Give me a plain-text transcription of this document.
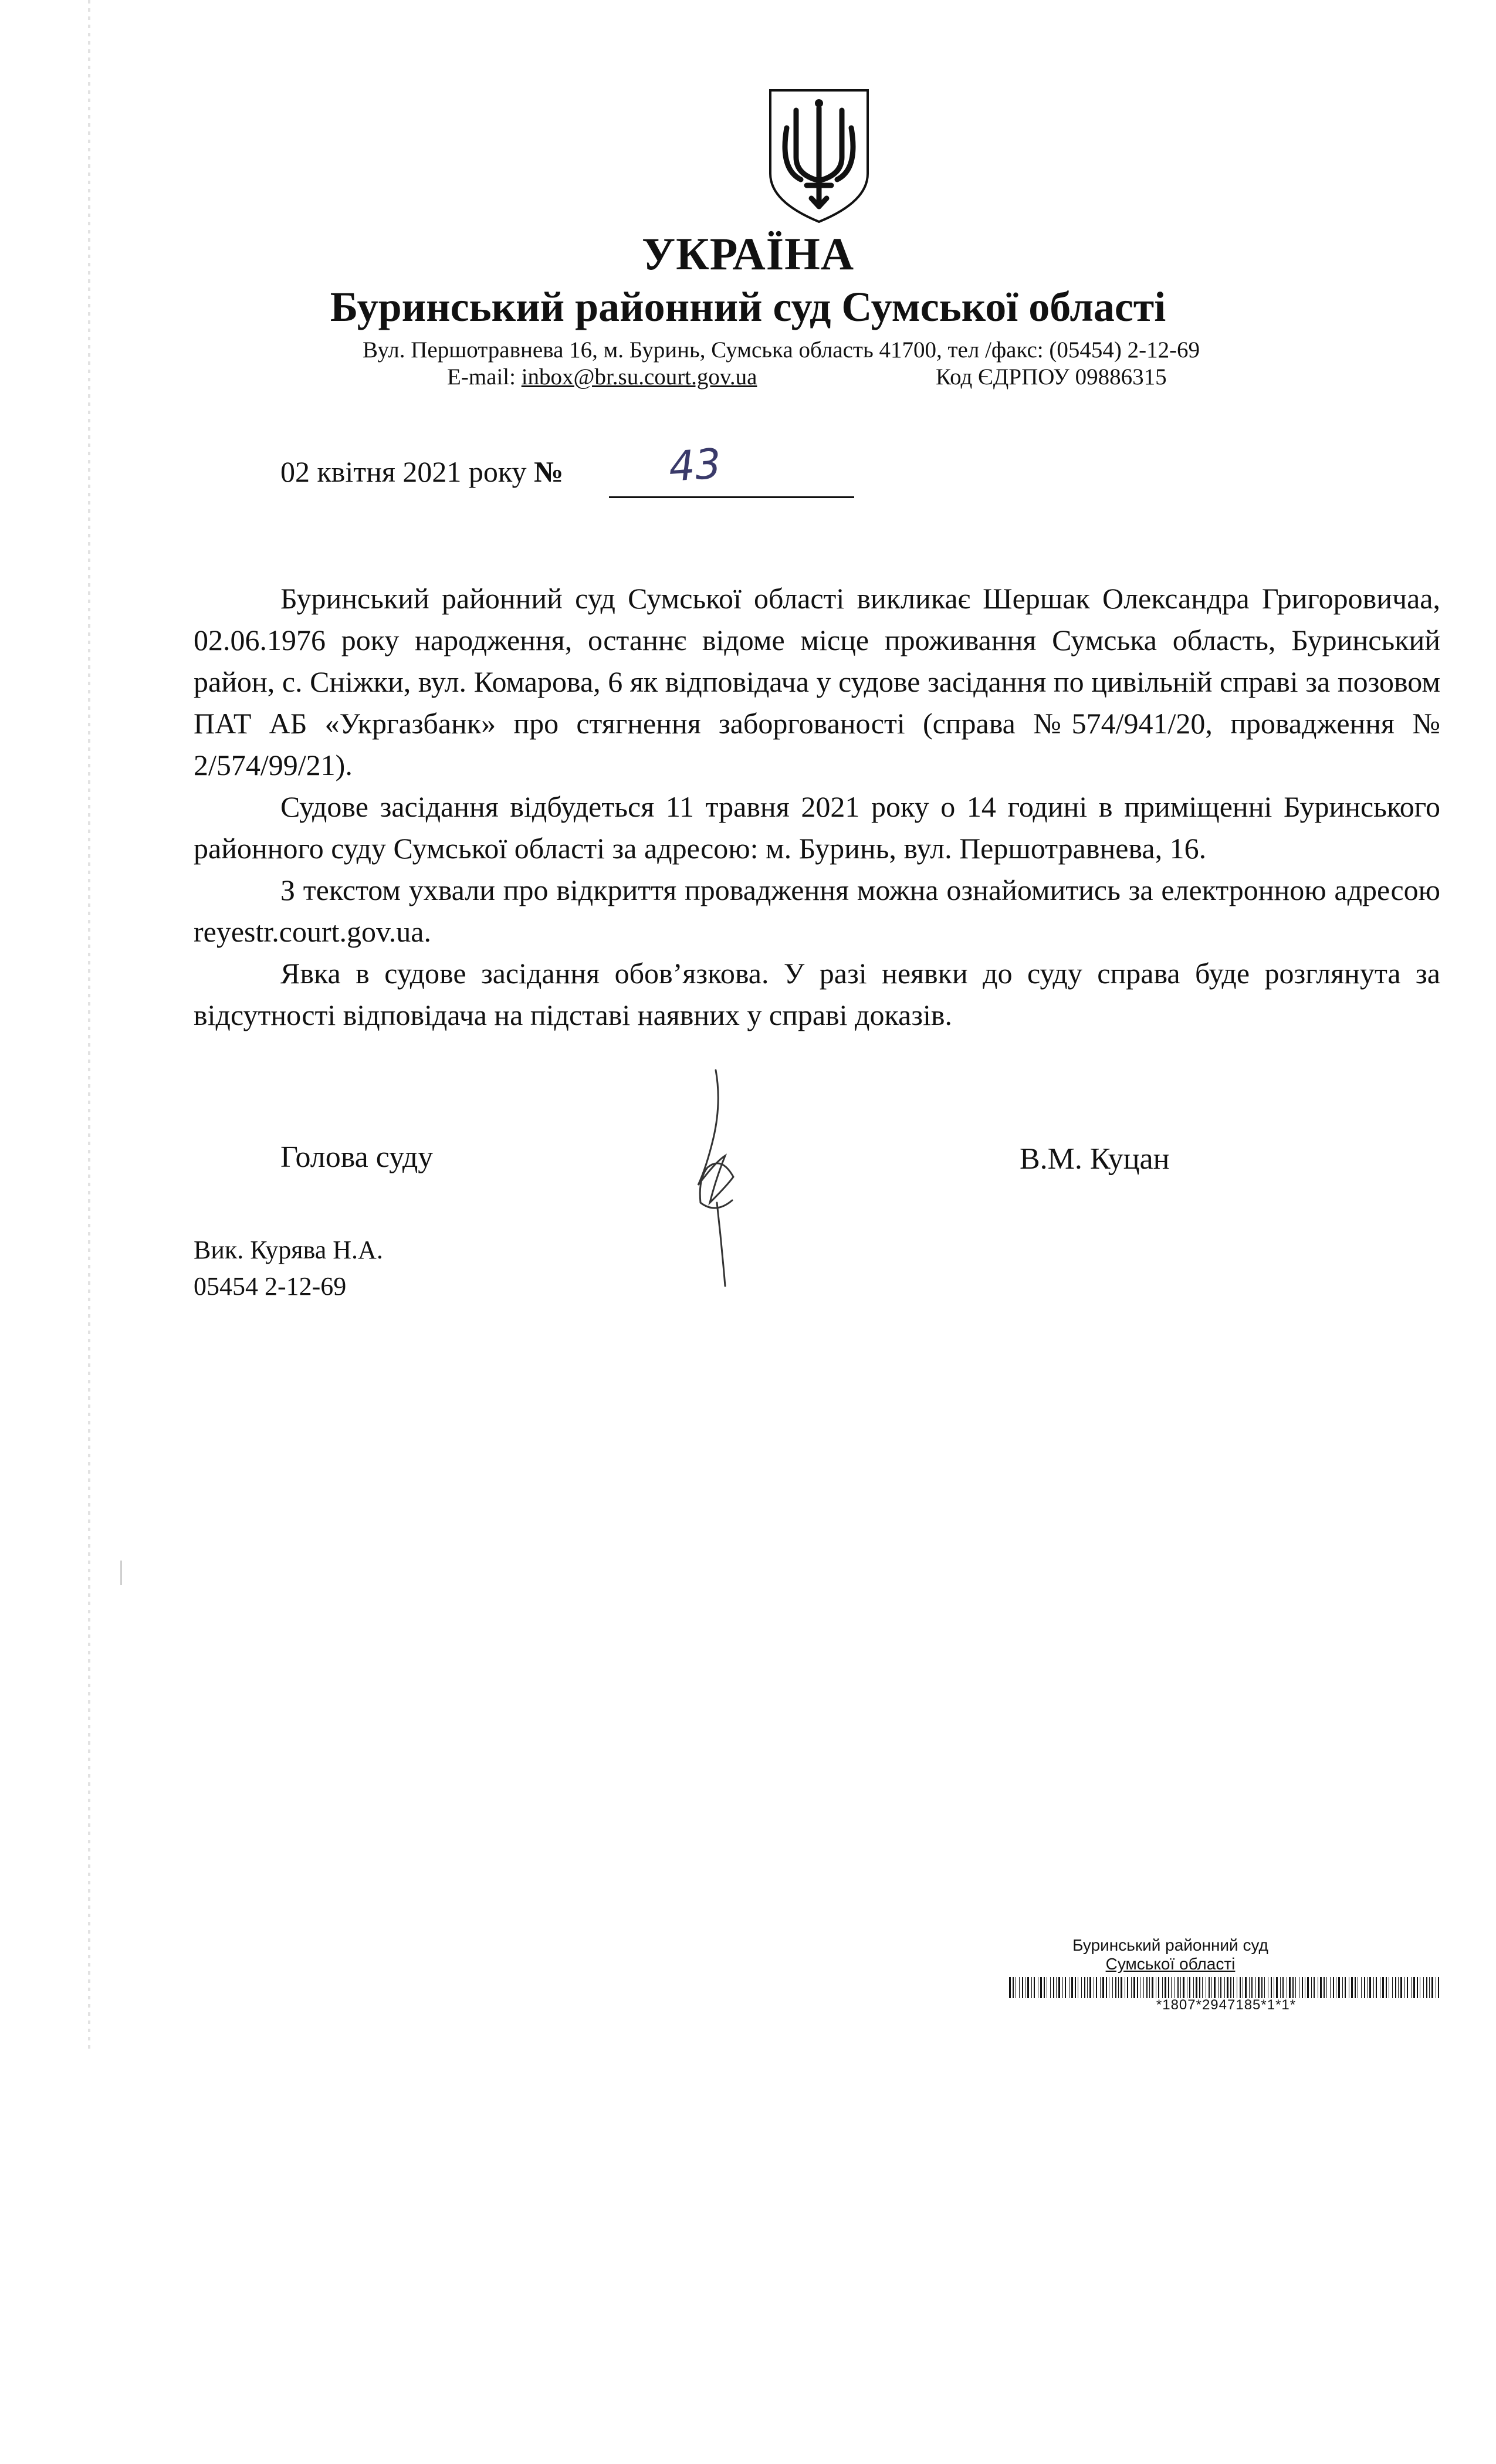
УКРАЇНА
Буринський районний суд Сумської області
Вул. Першотравнева 16, м. Буринь, Сумська область 41700, тел /факс: (05454) 2-12-69
E-mail: inbox@br.su.court.gov.ua	Код ЄДРПОУ 09886315
02 квітня 2021 року №	43

Буринський районний суд Сумської області викликає Шершак Олександра Григоровичаа, 02.06.1976 року народження, останнє відоме місце проживання Сумська область, Буринський район, с. Сніжки, вул. Комарова, 6 як відповідача у судове засідання по цивільній справі за позовом ПАТ АБ «Укргазбанк» про стягнення заборгованості (справа №574/941/20, провадження № 2/574/99/21).

Судове засідання відбудеться 11 травня 2021 року о 14 годині в приміщенні Буринського районного суду Сумської області за адресою: м. Буринь, вул. Першотравнева, 16.

З текстом ухвали про відкриття провадження можна ознайомитись за електронною адресою reyestr.court.gov.ua.

Явка в судове засідання обов’язкова. У разі неявки до суду справа буде розглянута за відсутності відповідача на підставі наявних у справі доказів.

Голова суду	В.М. Куцан
Вик. Курява Н.А.
05454 2-12-69
Буринський районний суд
Сумської області
*1807*2947185*1*1*
